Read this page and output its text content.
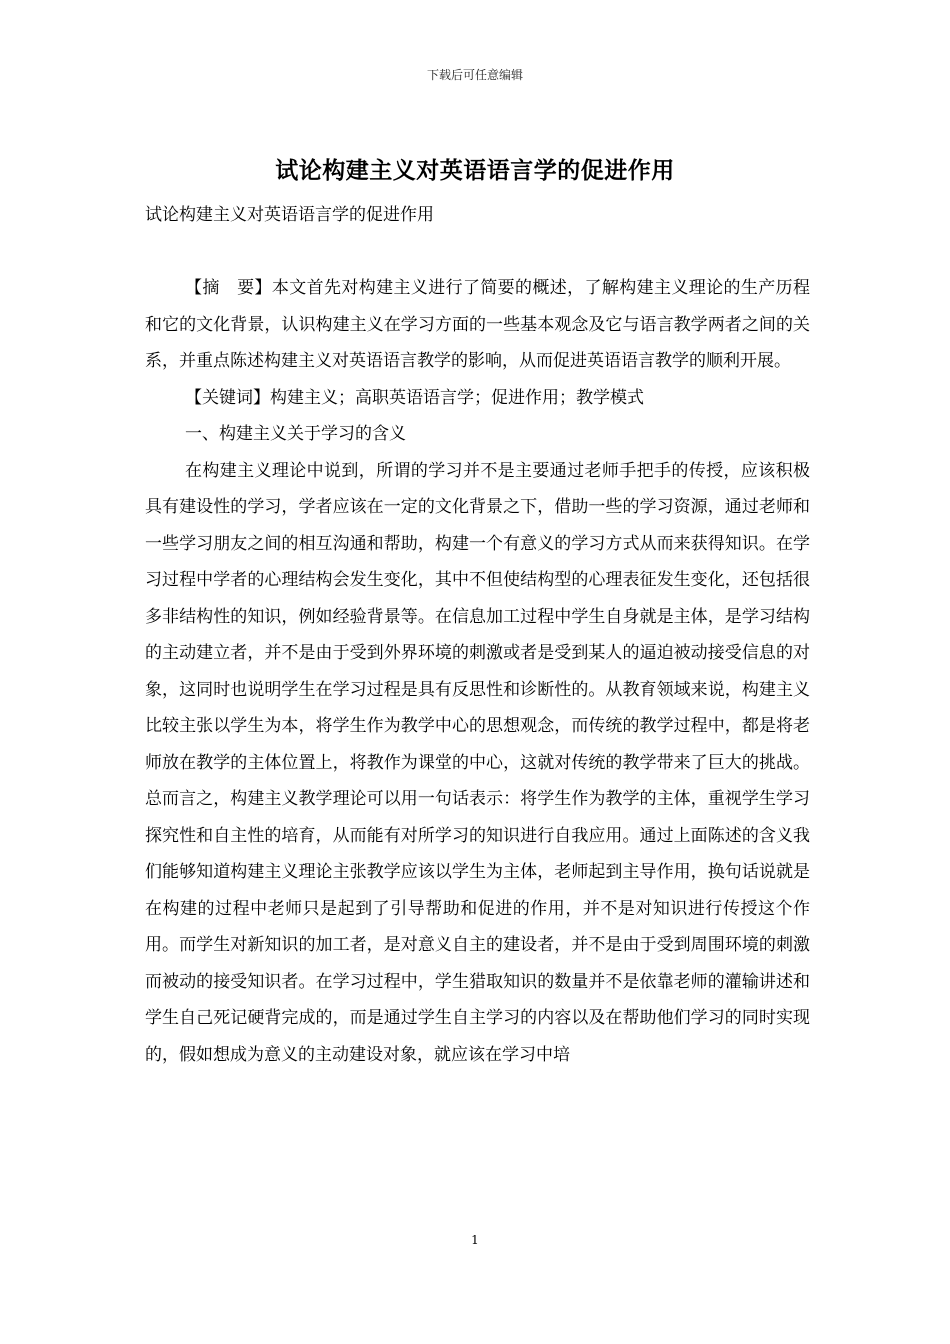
下载后可任意编辑
试论构建主义对英语语言学的促进作用

试论构建主义对英语语言学的促进作用

【摘　要】本文首先对构建主义进行了简要的概述，了解构建主义理论的生产历程和它的文化背景，认识构建主义在学习方面的一些基本观念及它与语言教学两者之间的关系，并重点陈述构建主义对英语语言教学的影响，从而促进英语语言教学的顺利开展。

【关键词】构建主义；高职英语语言学；促进作用；教学模式

一、构建主义关于学习的含义

在构建主义理论中说到，所谓的学习并不是主要通过老师手把手的传授，应该积极具有建设性的学习，学者应该在一定的文化背景之下，借助一些的学习资源，通过老师和一些学习朋友之间的相互沟通和帮助，构建一个有意义的学习方式从而来获得知识。在学习过程中学者的心理结构会发生变化，其中不但使结构型的心理表征发生变化，还包括很多非结构性的知识，例如经验背景等。在信息加工过程中学生自身就是主体，是学习结构的主动建立者，并不是由于受到外界环境的刺激或者是受到某人的逼迫被动接受信息的对象，这同时也说明学生在学习过程是具有反思性和诊断性的。从教育领域来说，构建主义比较主张以学生为本，将学生作为教学中心的思想观念，而传统的教学过程中，都是将老师放在教学的主体位置上，将教作为课堂的中心，这就对传统的教学带来了巨大的挑战。总而言之，构建主义教学理论可以用一句话表示：将学生作为教学的主体，重视学生学习探究性和自主性的培育，从而能有对所学习的知识进行自我应用。通过上面陈述的含义我们能够知道构建主义理论主张教学应该以学生为主体，老师起到主导作用，换句话说就是在构建的过程中老师只是起到了引导帮助和促进的作用，并不是对知识进行传授这个作用。而学生对新知识的加工者，是对意义自主的建设者，并不是由于受到周围环境的刺激而被动的接受知识者。在学习过程中，学生猎取知识的数量并不是依靠老师的灌输讲述和学生自己死记硬背完成的，而是通过学生自主学习的内容以及在帮助他们学习的同时实现的，假如想成为意义的主动建设对象，就应该在学习中培

1
